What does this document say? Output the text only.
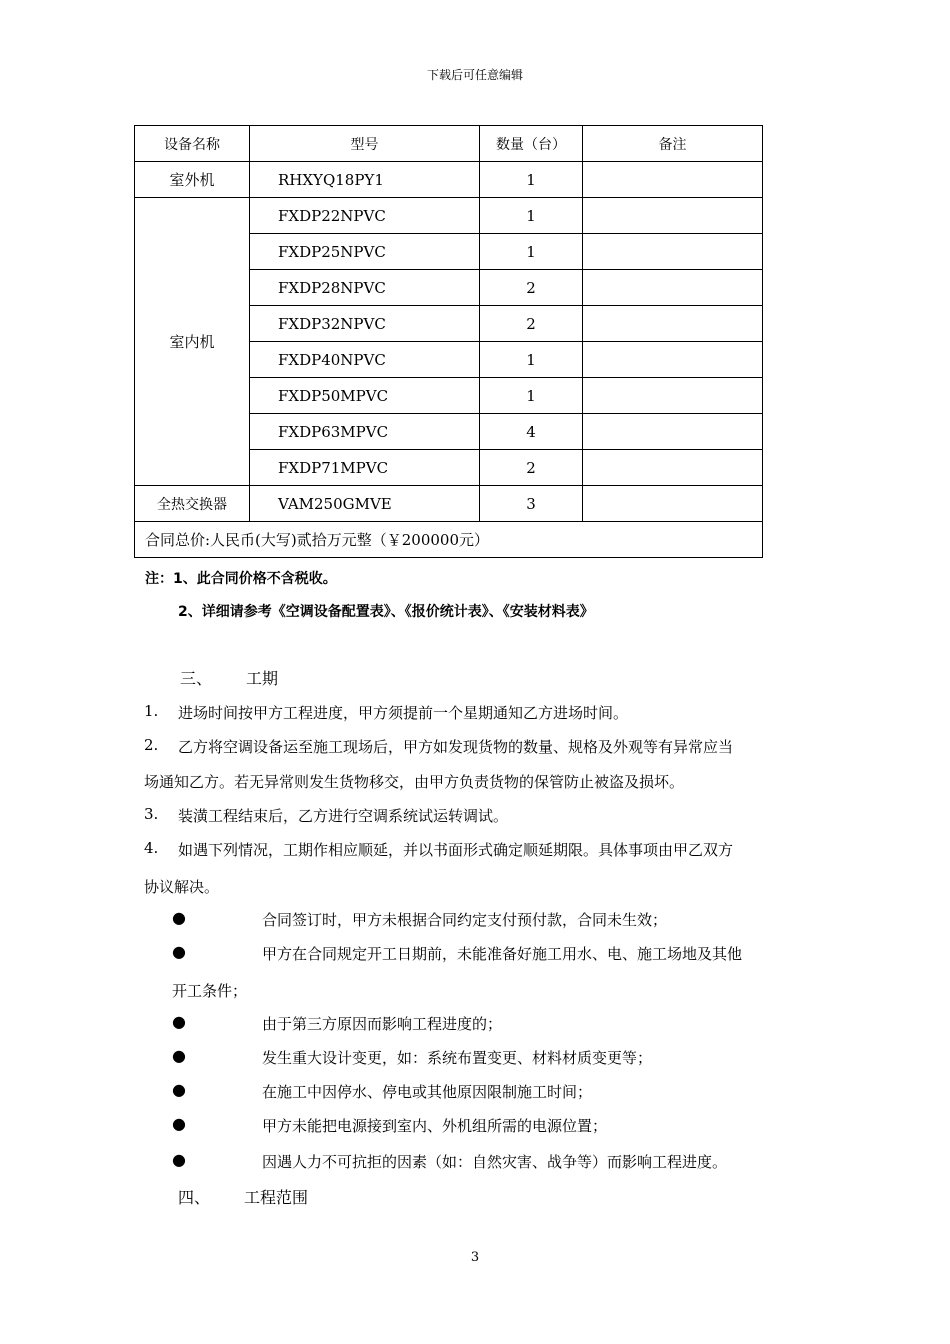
下载后可任意编辑
设备名称	型号	数量（台）	备注
室外机	RHXYQ18PY1	1	
室内机	FXDP22NPVC	1	
	FXDP25NPVC	1	
	FXDP28NPVC	2	
	FXDP32NPVC	2	
	FXDP40NPVC	1	
	FXDP50MPVC	1	
	FXDP63MPVC	4	
	FXDP71MPVC	2	
全热交换器	VAM250GMVE	3	
合同总价:人民币(大写)贰拾万元整（￥200000元）			
注：1、此合同价格不含税收。
2、详细请参考《空调设备配置表》、《报价统计表》、《安装材料表》
三、 工期
1. 进场时间按甲方工程进度，甲方须提前一个星期通知乙方进场时间。
2. 乙方将空调设备运至施工现场后，甲方如发现货物的数量、规格及外观等有异常应当
场通知乙方。若无异常则发生货物移交，由甲方负责货物的保管防止被盗及损坏。
3. 装潢工程结束后，乙方进行空调系统试运转调试。
4. 如遇下列情况，工期作相应顺延，并以书面形式确定顺延期限。具体事项由甲乙双方
协议解决。
●	合同签订时，甲方未根据合同约定支付预付款，合同未生效；
●	甲方在合同规定开工日期前，未能准备好施工用水、电、施工场地及其他
开工条件；
●	由于第三方原因而影响工程进度的；
●	发生重大设计变更，如：系统布置变更、材料材质变更等；
●	在施工中因停水、停电或其他原因限制施工时间；
●	甲方未能把电源接到室内、外机组所需的电源位置；
●	因遇人力不可抗拒的因素（如：自然灾害、战争等）而影响工程进度。
四、 工程范围
3
